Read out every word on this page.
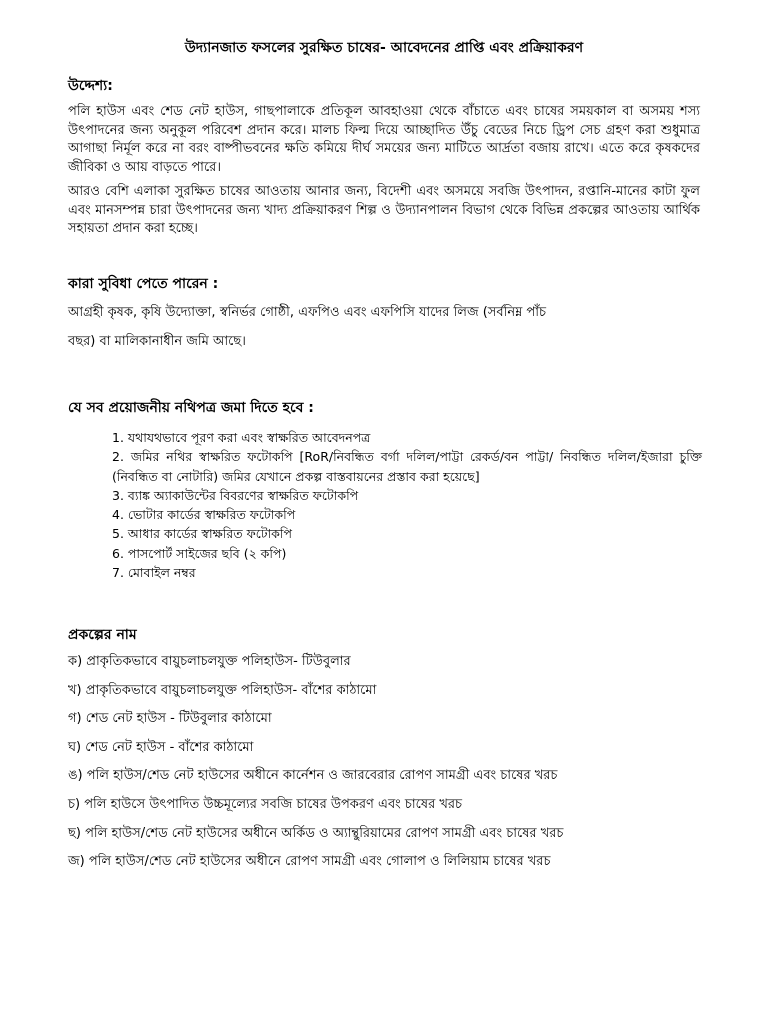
উদ্যানজাত ফসলের সুরক্ষিত চাষের- আবেদনের প্রাপ্তি এবং প্রক্রিয়াকরণ
উদ্দেশ্য:

পলি হাউস এবং শেড নেট হাউস, গাছপালাকে প্রতিকূল আবহাওয়া থেকে বাঁচাতে এবং চাষের সময়কাল বা অসময় শস্য উৎপাদনের জন্য অনুকূল পরিবেশ প্রদান করে। মালচ ফিল্ম দিয়ে আচ্ছাদিত উঁচু বেডের নিচে ড্রিপ সেচ গ্রহণ করা শুধুমাত্র আগাছা নির্মূল করে না বরং বাষ্পীভবনের ক্ষতি কমিয়ে দীর্ঘ সময়ের জন্য মাটিতে আর্দ্রতা বজায় রাখে। এতে করে কৃষকদের জীবিকা ও আয় বাড়তে পারে।

আরও বেশি এলাকা সুরক্ষিত চাষের আওতায় আনার জন্য, বিদেশী এবং অসময়ে সবজি উৎপাদন, রপ্তানি-মানের কাটা ফুল এবং মানসম্পন্ন চারা উৎপাদনের জন্য খাদ্য প্রক্রিয়াকরণ শিল্প ও উদ্যানপালন বিভাগ থেকে বিভিন্ন প্রকল্পের আওতায় আর্থিক সহায়তা প্রদান করা হচ্ছে।

কারা সুবিধা পেতে পারেন :
আগ্রহী কৃষক, কৃষি উদ্যোক্তা, স্বনির্ভর গোষ্ঠী, এফপিও এবং এফপিসি যাদের লিজ (সর্বনিম্ন পাঁচ
বছর) বা মালিকানাধীন জমি আছে।
যে সব প্রয়োজনীয় নথিপত্র জমা দিতে হবে :
1. যথাযথভাবে পূরণ করা এবং স্বাক্ষরিত আবেদনপত্র
2. জমির নথির স্বাক্ষরিত ফটোকপি [RoR/নিবন্ধিত বর্গা দলিল/পাট্টা রেকর্ড/বন পাট্টা/ নিবন্ধিত দলিল/ইজারা চুক্তি (নিবন্ধিত বা নোটারি) জমির যেখানে প্রকল্প বাস্তবায়নের প্রস্তাব করা হয়েছে]
3. ব্যাঙ্ক অ্যাকাউন্টের বিবরণের স্বাক্ষরিত ফটোকপি
4. ভোটার কার্ডের স্বাক্ষরিত ফটোকপি
5. আধার কার্ডের স্বাক্ষরিত ফটোকপি
6. পাসপোর্ট সাইজের ছবি (২ কপি)
7. মোবাইল নম্বর
প্রকল্পের নাম
ক) প্রাকৃতিকভাবে বায়ুচলাচলযুক্ত পলিহাউস- টিউবুলার
খ) প্রাকৃতিকভাবে বায়ুচলাচলযুক্ত পলিহাউস- বাঁশের কাঠামো
গ) শেড নেট হাউস - টিউবুলার কাঠামো
ঘ) শেড নেট হাউস - বাঁশের কাঠামো
ঙ) পলি হাউস/শেড নেট হাউসের অধীনে কার্নেশন ও জারবেরার রোপণ সামগ্রী এবং চাষের খরচ
চ) পলি হাউসে উৎপাদিত উচ্চমূল্যের সবজি চাষের উপকরণ এবং চাষের খরচ
ছ) পলি হাউস/শেড নেট হাউসের অধীনে অর্কিড ও অ্যান্থুরিয়ামের রোপণ সামগ্রী এবং চাষের খরচ
জ) পলি হাউস/শেড নেট হাউসের অধীনে রোপণ সামগ্রী এবং গোলাপ ও লিলিয়াম চাষের খরচ
